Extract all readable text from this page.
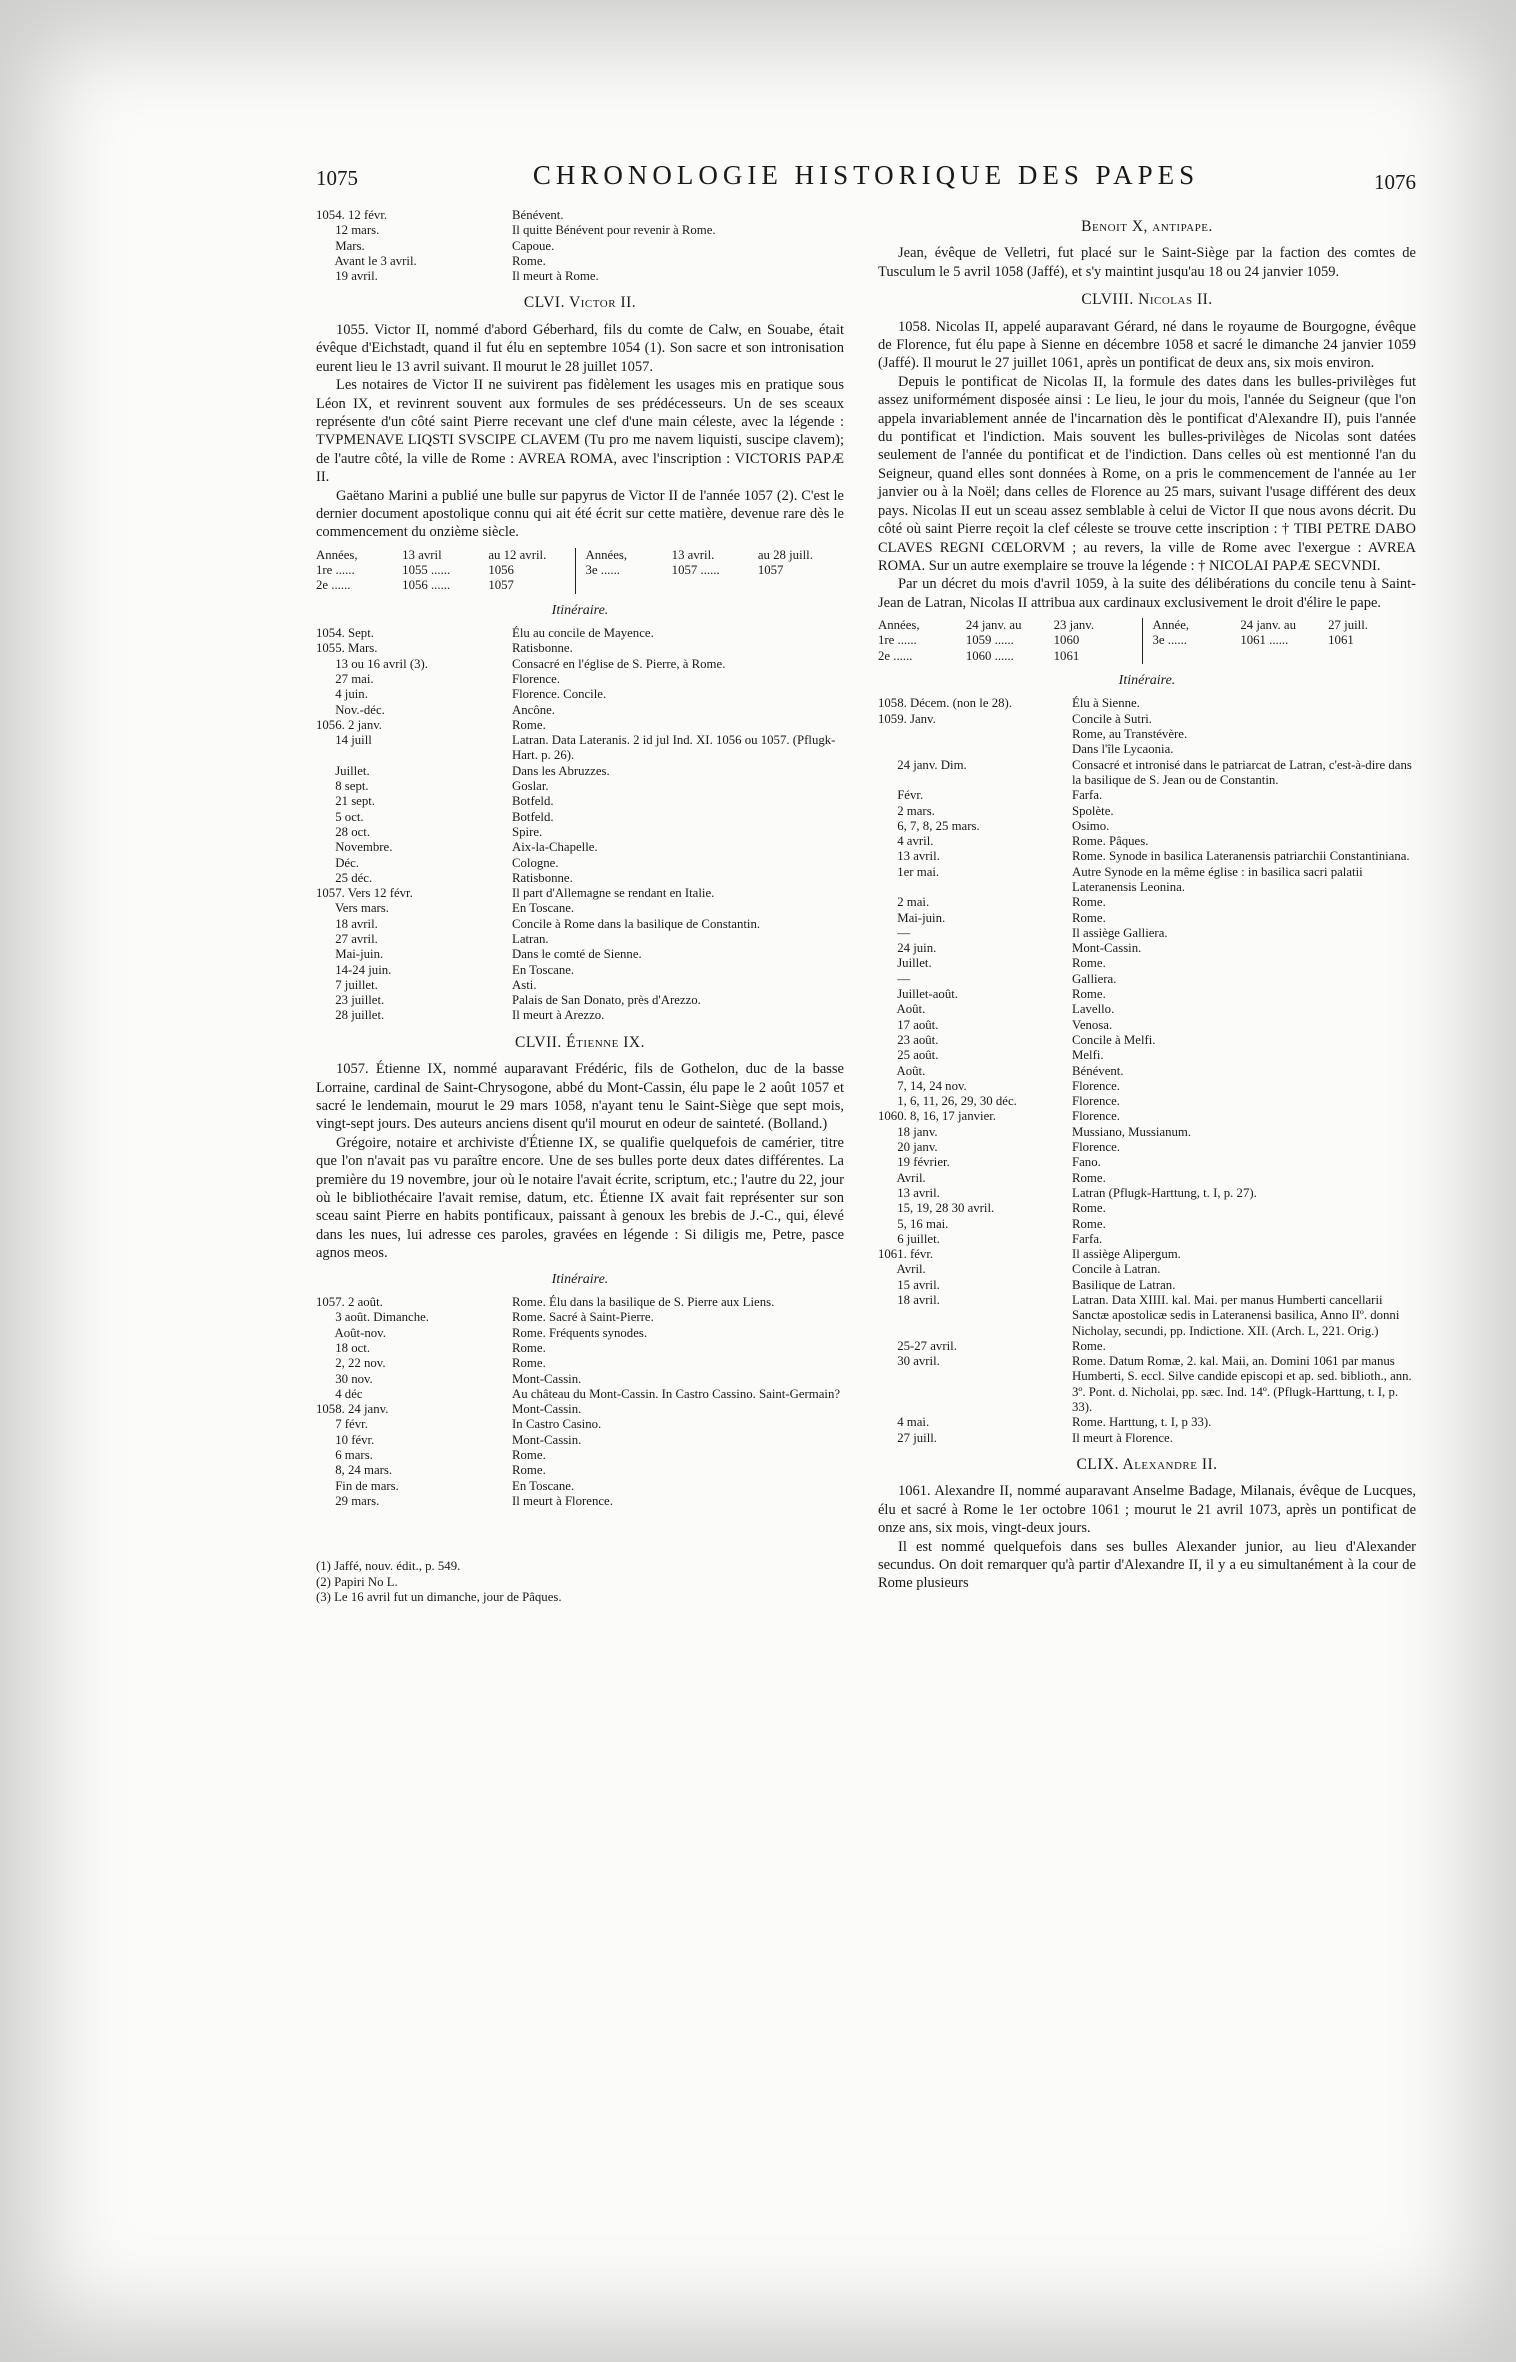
1075	CHRONOLOGIE HISTORIQUE DES PAPES	1076
1054. 12 févr.	Bénévent.
12 mars.	Il quitte Bénévent pour revenir à Rome.
Mars.	Capoue.
Avant le 3 avril.	Rome.
19 avril.	Il meurt à Rome.
CLVI. Victor II.

1055. Victor II, nommé d'abord Géberhard, fils du comte de Calw, en Souabe, était évêque d'Eichstadt, quand il fut élu en septembre 1054 (1). Son sacre et son intronisation eurent lieu le 13 avril suivant. Il mourut le 28 juillet 1057.

Les notaires de Victor II ne suivirent pas fidèlement les usages mis en pratique sous Léon IX, et revinrent souvent aux formules de ses prédécesseurs. Un de ses sceaux représente d'un côté saint Pierre recevant une clef d'une main céleste, avec la légende : TVPMENAVE LIQSTI SVSCIPE CLAVEM (Tu pro me navem liquisti, suscipe clavem); de l'autre côté, la ville de Rome : AVREA ROMA, avec l'inscription : VICTORIS PAPÆ II.

Gaëtano Marini a publié une bulle sur papyrus de Victor II de l'année 1057 (2). C'est le dernier document apostolique connu qui ait été écrit sur cette matière, devenue rare dès le commencement du onzième siècle.

Années,	13 avril	au 12 avril.
1re ......	1055 ......	1056
2e ......	1056 ......	1057
Années,	13 avril.	au 28 juill.
3e ......	1057 ......	1057
Itinéraire.
1054. Sept.	Élu au concile de Mayence.
1055. Mars.	Ratisbonne.
13 ou 16 avril (3).	Consacré en l'église de S. Pierre, à Rome.
27 mai.	Florence.
4 juin.	Florence. Concile.
Nov.-déc.	Ancône.
1056. 2 janv.	Rome.
14 juill	Latran. Data Lateranis. 2 id jul Ind. XI. 1056 ou 1057. (Pflugk-Hart. p. 26).
Juillet.	Dans les Abruzzes.
8 sept.	Goslar.
21 sept.	Botfeld.
5 oct.	Botfeld.
28 oct.	Spire.
Novembre.	Aix-la-Chapelle.
Déc.	Cologne.
25 déc.	Ratisbonne.
1057. Vers 12 févr.	Il part d'Allemagne se rendant en Italie.
Vers mars.	En Toscane.
18 avril.	Concile à Rome dans la basilique de Constantin.
27 avril.	Latran.
Mai-juin.	Dans le comté de Sienne.
14-24 juin.	En Toscane.
7 juillet.	Asti.
23 juillet.	Palais de San Donato, près d'Arezzo.
28 juillet.	Il meurt à Arezzo.
CLVII. Étienne IX.

1057. Étienne IX, nommé auparavant Frédéric, fils de Gothelon, duc de la basse Lorraine, cardinal de Saint-Chrysogone, abbé du Mont-Cassin, élu pape le 2 août 1057 et sacré le lendemain, mourut le 29 mars 1058, n'ayant tenu le Saint-Siège que sept mois, vingt-sept jours. Des auteurs anciens disent qu'il mourut en odeur de sainteté. (Bolland.)

Grégoire, notaire et archiviste d'Étienne IX, se qualifie quelquefois de camérier, titre que l'on n'avait pas vu paraître encore. Une de ses bulles porte deux dates différentes. La première du 19 novembre, jour où le notaire l'avait écrite, scriptum, etc.; l'autre du 22, jour où le bibliothécaire l'avait remise, datum, etc. Étienne IX avait fait représenter sur son sceau saint Pierre en habits pontificaux, paissant à genoux les brebis de J.-C., qui, élevé dans les nues, lui adresse ces paroles, gravées en légende : Si diligis me, Petre, pasce agnos meos.

Itinéraire.
1057. 2 août.	Rome. Élu dans la basilique de S. Pierre aux Liens.
3 août. Dimanche.	Rome. Sacré à Saint-Pierre.
Août-nov.	Rome. Fréquents synodes.
18 oct.	Rome.
2, 22 nov.	Rome.
30 nov.	Mont-Cassin.
4 déc	Au château du Mont-Cassin. In Castro Cassino. Saint-Germain?
1058. 24 janv.	Mont-Cassin.
7 févr.	In Castro Casino.
10 févr.	Mont-Cassin.
6 mars.	Rome.
8, 24 mars.	Rome.
Fin de mars.	En Toscane.
29 mars.	Il meurt à Florence.
(1) Jaffé, nouv. édit., p. 549.
(2) Papiri No L.
(3) Le 16 avril fut un dimanche, jour de Pâques.
Benoit X, antipape.

Jean, évêque de Velletri, fut placé sur le Saint-Siège par la faction des comtes de Tusculum le 5 avril 1058 (Jaffé), et s'y maintint jusqu'au 18 ou 24 janvier 1059.

CLVIII. Nicolas II.

1058. Nicolas II, appelé auparavant Gérard, né dans le royaume de Bourgogne, évêque de Florence, fut élu pape à Sienne en décembre 1058 et sacré le dimanche 24 janvier 1059 (Jaffé). Il mourut le 27 juillet 1061, après un pontificat de deux ans, six mois environ.

Depuis le pontificat de Nicolas II, la formule des dates dans les bulles-privilèges fut assez uniformément disposée ainsi : Le lieu, le jour du mois, l'année du Seigneur (que l'on appela invariablement année de l'incarnation dès le pontificat d'Alexandre II), puis l'année du pontificat et l'indiction. Mais souvent les bulles-privilèges de Nicolas sont datées seulement de l'année du pontificat et de l'indiction. Dans celles où est mentionné l'an du Seigneur, quand elles sont données à Rome, on a pris le commencement de l'année au 1er janvier ou à la Noël; dans celles de Florence au 25 mars, suivant l'usage différent des deux pays. Nicolas II eut un sceau assez semblable à celui de Victor II que nous avons décrit. Du côté où saint Pierre reçoit la clef céleste se trouve cette inscription : † TIBI PETRE DABO CLAVES REGNI CŒLORVM ; au revers, la ville de Rome avec l'exergue : AVREA ROMA. Sur un autre exemplaire se trouve la légende : † NICOLAI PAPÆ SECVNDI.

Par un décret du mois d'avril 1059, à la suite des délibérations du concile tenu à Saint-Jean de Latran, Nicolas II attribua aux cardinaux exclusivement le droit d'élire le pape.

Années,	24 janv. au	23 janv.
1re ......	1059 ......	1060
2e ......	1060 ......	1061
Année,	24 janv. au	27 juill.
3e ......	1061 ......	1061
Itinéraire.
1058. Décem. (non le 28).	Élu à Sienne.
1059. Janv.	Concile à Sutri.
Rome, au Transtévère.
Dans l'île Lycaonia.
24 janv. Dim.	Consacré et intronisé dans le patriarcat de Latran, c'est-à-dire dans la basilique de S. Jean ou de Constantin.
Févr.	Farfa.
2 mars.	Spolète.
6, 7, 8, 25 mars.	Osimo.
4 avril.	Rome. Pâques.
13 avril.	Rome. Synode in basilica Lateranensis patriarchii Constantiniana.
1er mai.	Autre Synode en la même église : in basilica sacri palatii Lateranensis Leonina.
2 mai.	Rome.
Mai-juin.	Rome.
—	Il assiège Galliera.
24 juin.	Mont-Cassin.
Juillet.	Rome.
—	Galliera.
Juillet-août.	Rome.
Août.	Lavello.
17 août.	Venosa.
23 août.	Concile à Melfi.
25 août.	Melfi.
Août.	Bénévent.
7, 14, 24 nov.	Florence.
1, 6, 11, 26, 29, 30 déc.	Florence.
1060. 8, 16, 17 janvier.	Florence.
18 janv.	Mussiano, Mussianum.
20 janv.	Florence.
19 février.	Fano.
Avril.	Rome.
13 avril.	Latran (Pflugk-Harttung, t. I, p. 27).
15, 19, 28 30 avril.	Rome.
5, 16 mai.	Rome.
6 juillet.	Farfa.
1061. févr.	Il assiège Alipergum.
Avril.	Concile à Latran.
15 avril.	Basilique de Latran.
18 avril.	Latran. Data XIIII. kal. Mai. per manus Humberti cancellarii Sanctæ apostolicæ sedis in Lateranensi basilica, Anno IIº. donni Nicholay, secundi, pp. Indictione. XII. (Arch. L, 221. Orig.)
25-27 avril.	Rome.
30 avril.	Rome. Datum Romæ, 2. kal. Maii, an. Domini 1061 par manus Humberti, S. eccl. Silve candide episcopi et ap. sed. biblioth., ann. 3º. Pont. d. Nicholai, pp. sæc. Ind. 14º. (Pflugk-Harttung, t. I, p. 33).
4 mai.	Rome. Harttung, t. I, p 33).
27 juill.	Il meurt à Florence.
CLIX. Alexandre II.

1061. Alexandre II, nommé auparavant Anselme Badage, Milanais, évêque de Lucques, élu et sacré à Rome le 1er octobre 1061 ; mourut le 21 avril 1073, après un pontificat de onze ans, six mois, vingt-deux jours.

Il est nommé quelquefois dans ses bulles Alexander junior, au lieu d'Alexander secundus. On doit remarquer qu'à partir d'Alexandre II, il y a eu simultanément à la cour de Rome plusieurs
